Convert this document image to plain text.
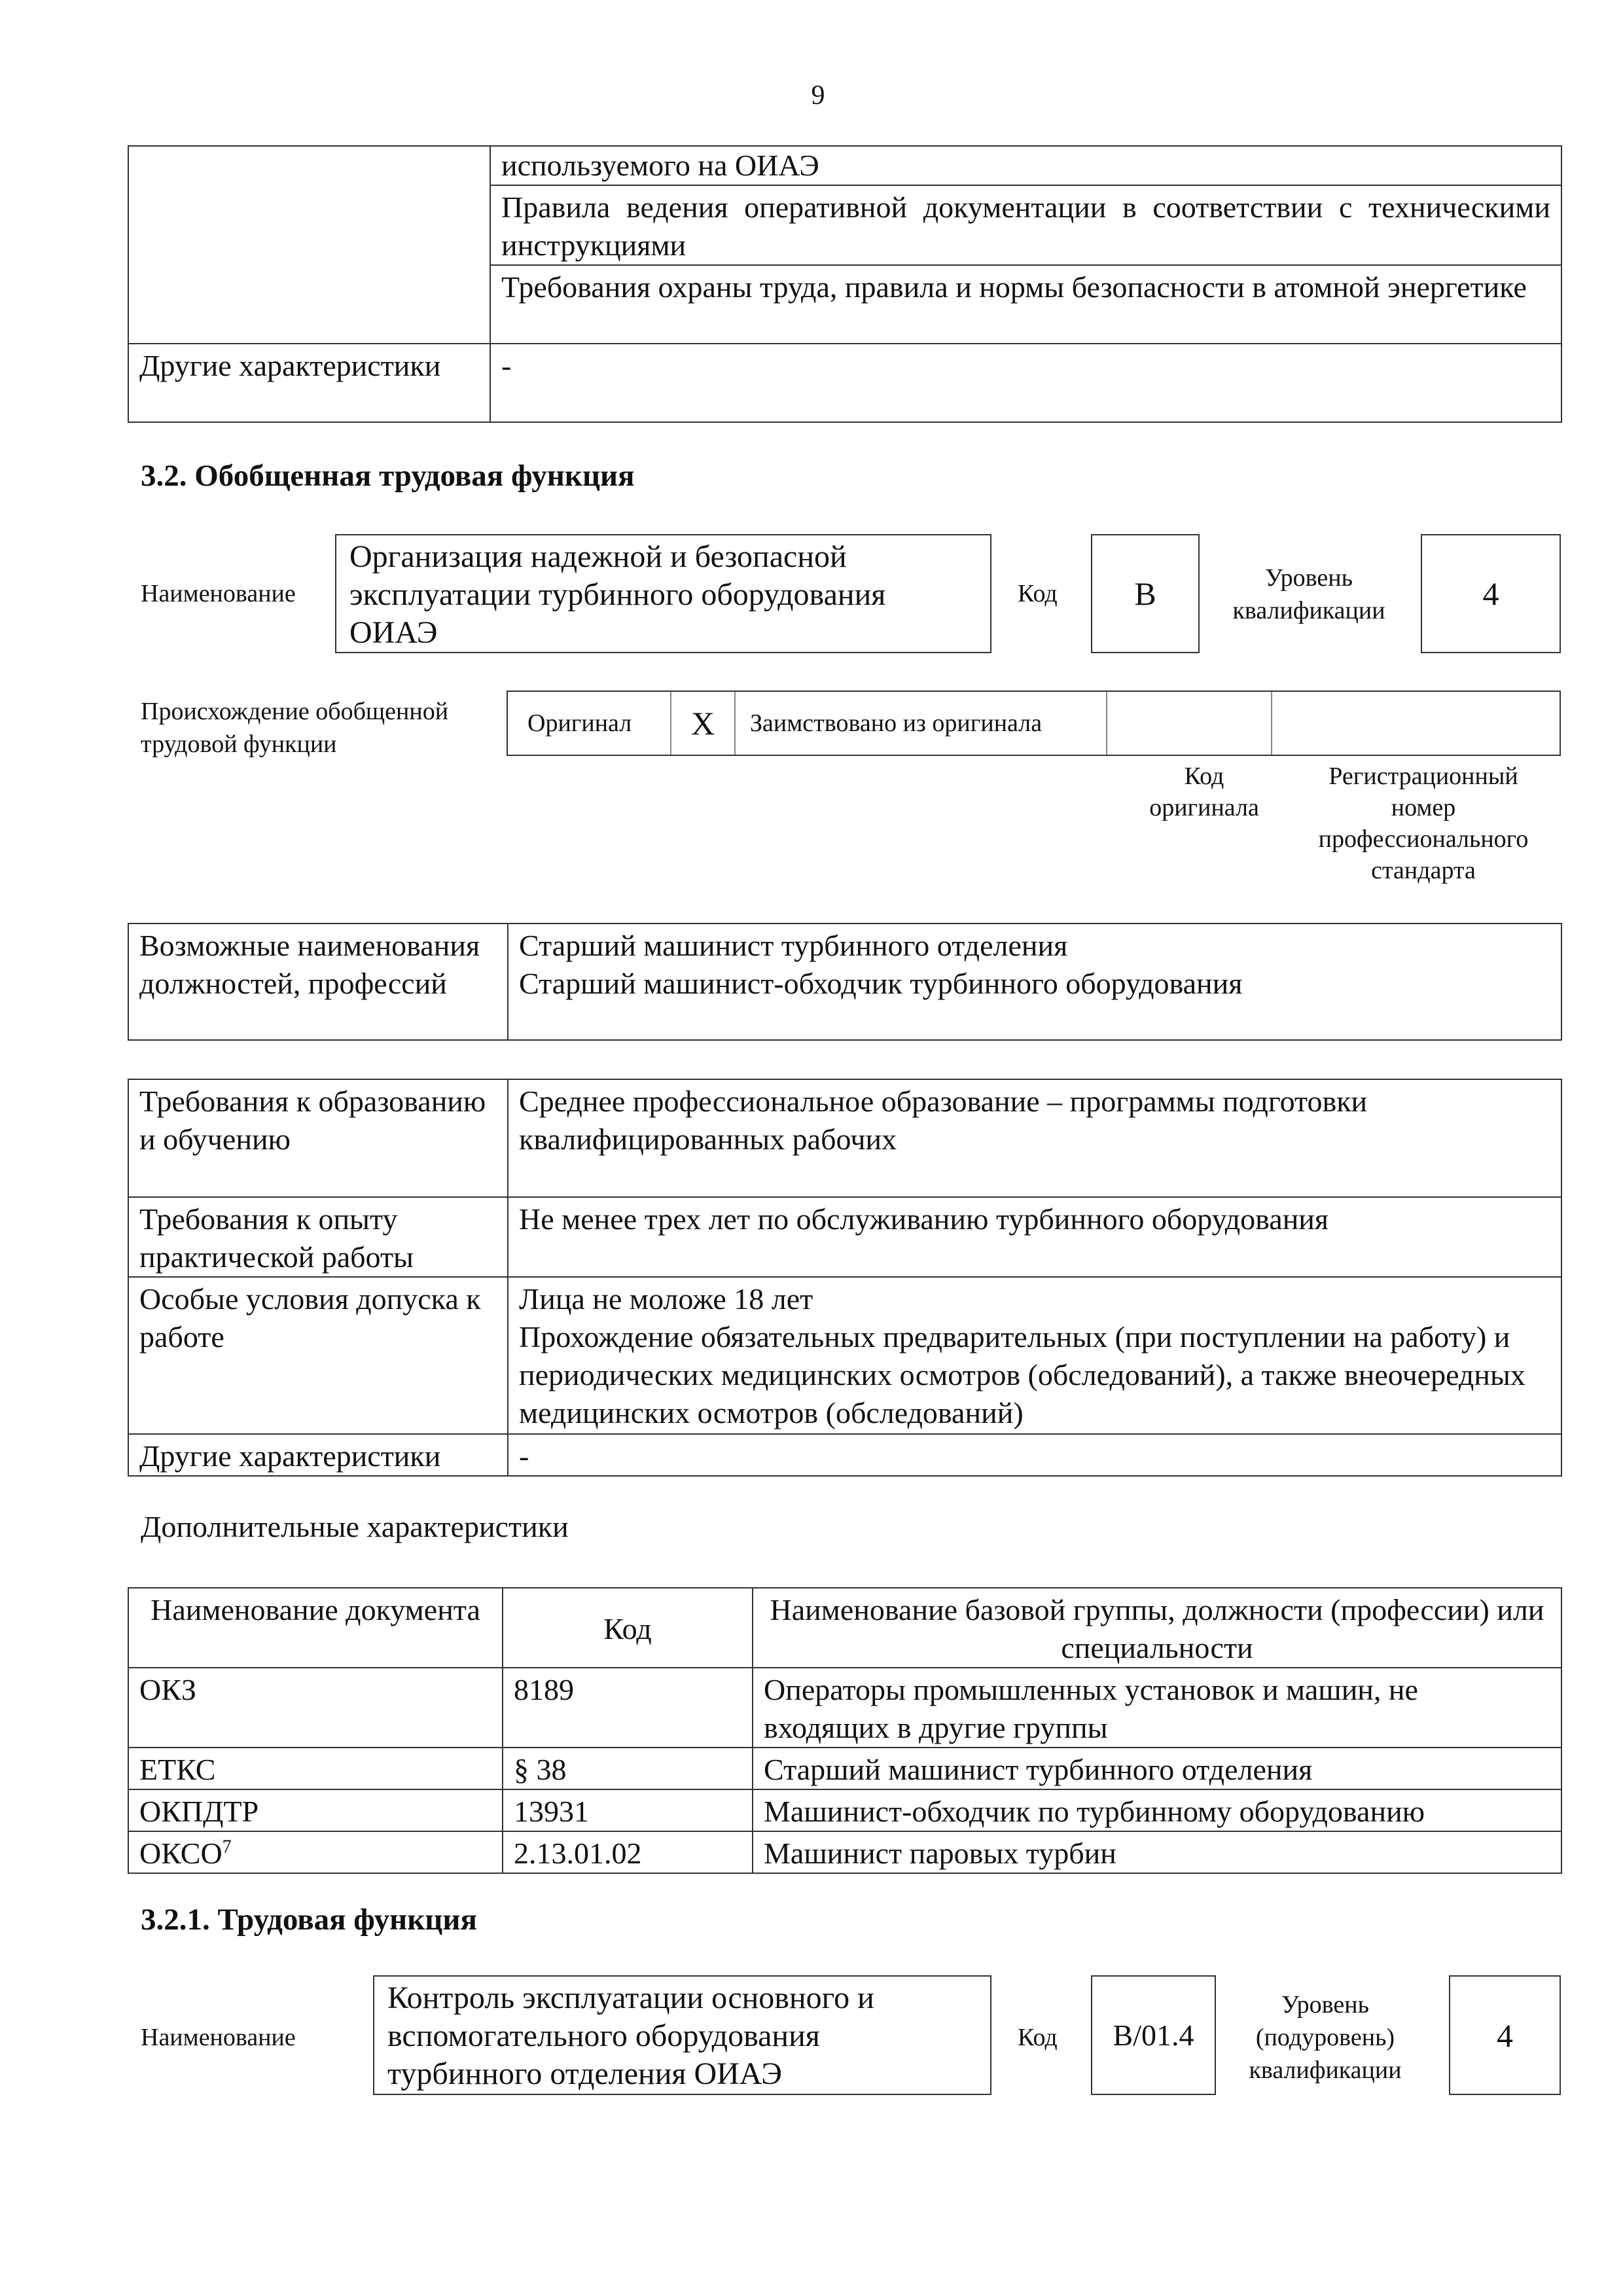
9
	используемого на ОИАЭ
	Правила ведения оперативной документации в соответствии с техническими инструкциями
	Требования охраны труда, правила и нормы безопасности в атомной энергетике
Другие характеристики	-
3.2. Обобщенная трудовая функция
Наименование
Организация надежной и безопасной эксплуатации турбинного оборудования ОИАЭ
Код B	Уровень квалификации	4
Происхождение обобщенной трудовой функции
Оригинал	X	Заимствовано из оригинала
Код оригинала
Регистрационный номер профессионального стандарта
Возможные наименования должностей, профессий	
Старший машинист турбинного отделения
Старший машинист-обходчик турбинного оборудования
Требования к образованию и обучению	Среднее профессиональное образование – программы подготовки квалифицированных рабочих
Требования к опыту практической работы	Не менее трех лет по обслуживанию турбинного оборудования
Особые условия допуска к работе	Лица не моложе 18 лет
Прохождение обязательных предварительных (при поступлении на работу) и периодических медицинских осмотров (обследований), а также внеочередных медицинских осмотров (обследований)

Другие характеристики	-
Дополнительные характеристики
Наименование документа	Код	Наименование базовой группы, должности (профессии) или специальности
ОКЗ	8189	Операторы промышленных установок и машин, не входящих в другие группы
ЕТКС	§ 38	Старший машинист турбинного отделения
ОКПДТР	13931	Машинист-обходчик по турбинному оборудованию
ОКСО$^7$	2.13.01.02	Машинист паровых турбин
3.2.1. Трудовая функция
Наименование
Контроль эксплуатации основного и вспомогательного оборудования турбинного отделения ОИАЭ
Код B/01.4
Уровень (подуровень) квалификации
4
